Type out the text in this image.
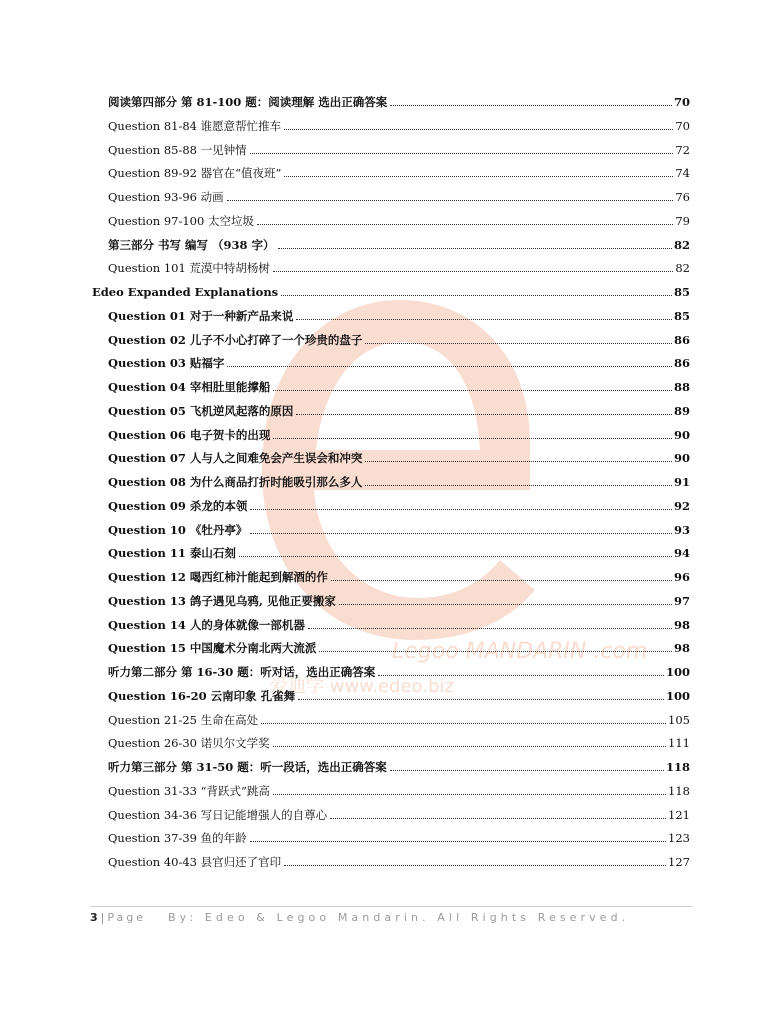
Legoo MANDARIN .com
爱迪学 www.edeo.biz
阅读第四部分 第 81-100 题：阅读理解 选出正确答案	70
Question 81-84 谁愿意帮忙推车	70
Question 85-88 一见钟情	72
Question 89-92 器官在“值夜班”	74
Question 93-96 动画	76
Question 97-100 太空垃圾	79
第三部分 书写 编写 （938 字）	82
Question 101 荒漠中特胡杨树	82
Edeo Expanded Explanations	85
Question 01 对于一种新产品来说	85
Question 02 儿子不小心打碎了一个珍贵的盘子	86
Question 03 贴福字	86
Question 04 宰相肚里能撑船	88
Question 05 飞机逆风起落的原因	89
Question 06 电子贺卡的出现	90
Question 07 人与人之间难免会产生误会和冲突	90
Question 08 为什么商品打折时能吸引那么多人	91
Question 09 杀龙的本领	92
Question 10 《牡丹亭》	93
Question 11 泰山石刻	94
Question 12 喝西红柿汁能起到解酒的作	96
Question 13 鸽子遇见乌鸦, 见他正要搬家	97
Question 14 人的身体就像一部机器	98
Question 15 中国魔术分南北两大流派	98
听力第二部分 第 16-30 题：听对话，选出正确答案	100
Question 16-20 云南印象 孔雀舞	100
Question 21-25 生命在高处	105
Question 26-30 诺贝尔文学奖	111
听力第三部分 第 31-50 题：听一段话，选出正确答案	118
Question 31-33 “背跃式”跳高	118
Question 34-36 写日记能增强人的自尊心	121
Question 37-39 鱼的年龄	123
Question 40-43 县官归还了官印	127
3 | Page By: Edeo & Legoo Mandarin. All Rights Reserved.
